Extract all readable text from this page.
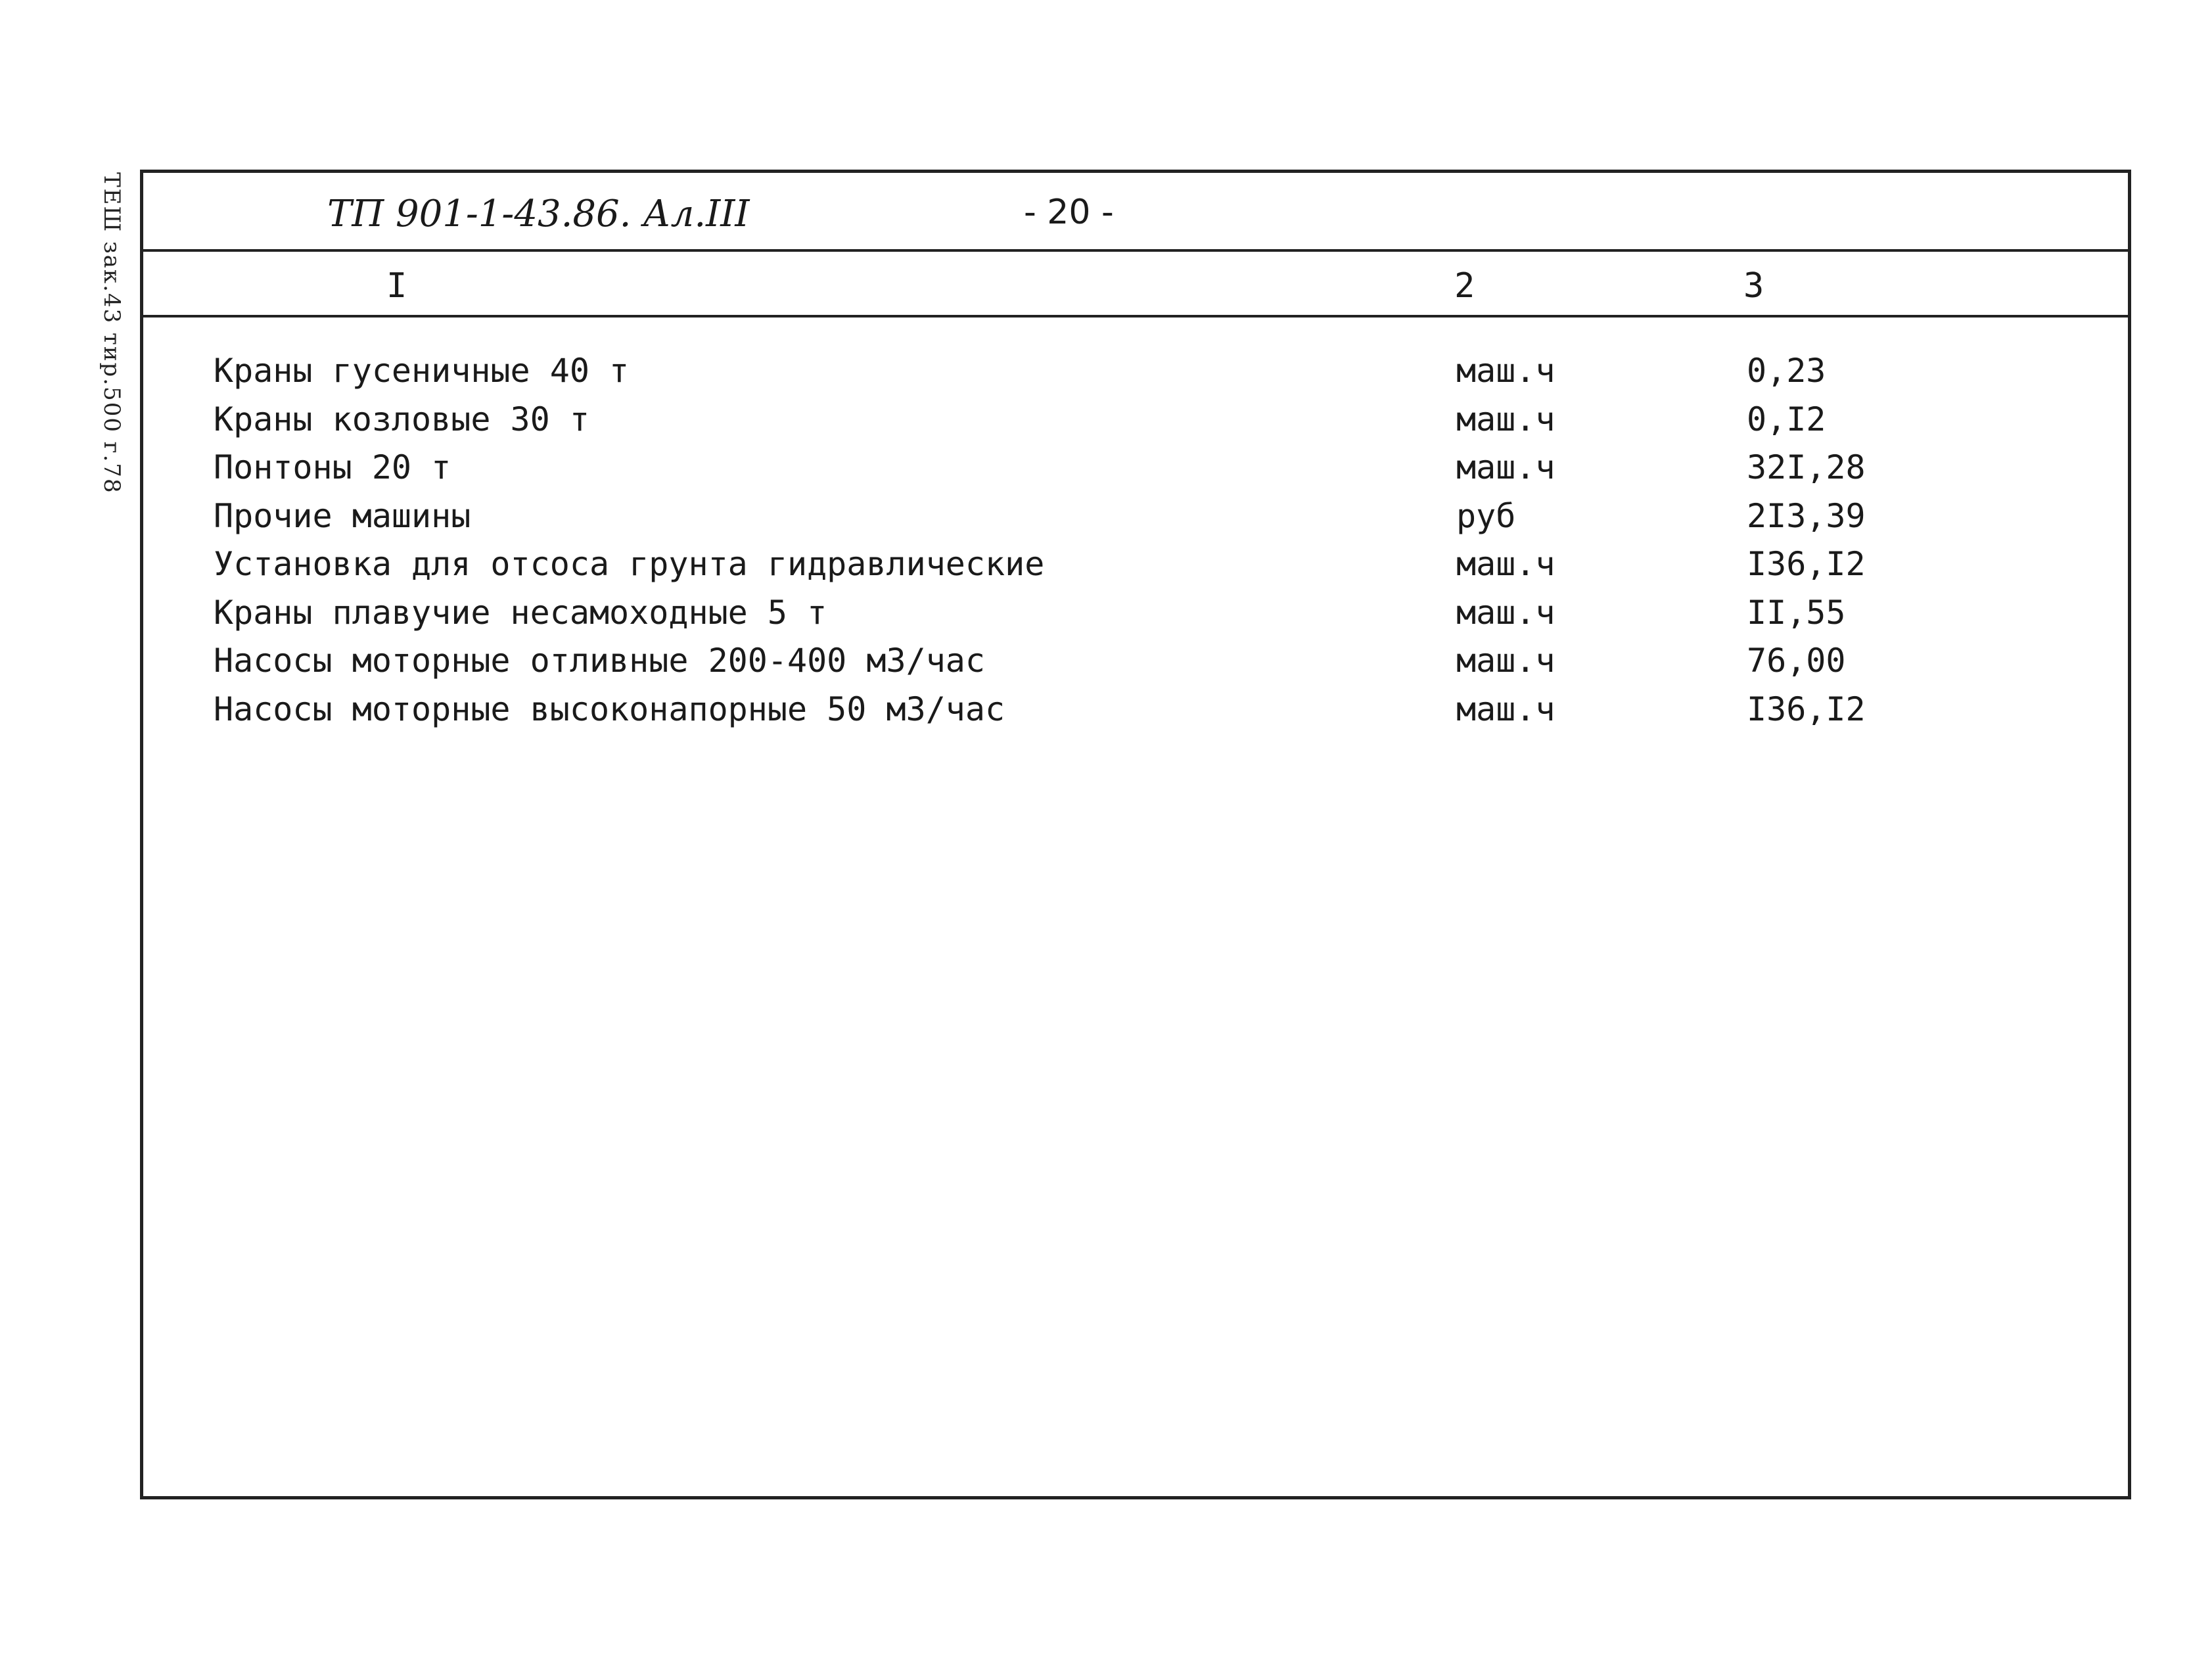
ТЕШ зак.43 тир.500 г.78	ТП 901-1-43.86. Ал.III	- 20 -
I	2	3
Краны гусеничные 40 т	маш.ч	0,23
Краны козловые 30 т	маш.ч	0,I2
Понтоны 20 т	маш.ч	32I,28
Прочие машины	руб	2I3,39
Установка для отсоса грунта гидравлические	маш.ч	I36,I2
Краны плавучие несамоходные 5 т	маш.ч	II,55
Насосы моторные отливные 200-400 м3/час	маш.ч	76,00
Насосы моторные высоконапорные 50 м3/час	маш.ч	I36,I2
